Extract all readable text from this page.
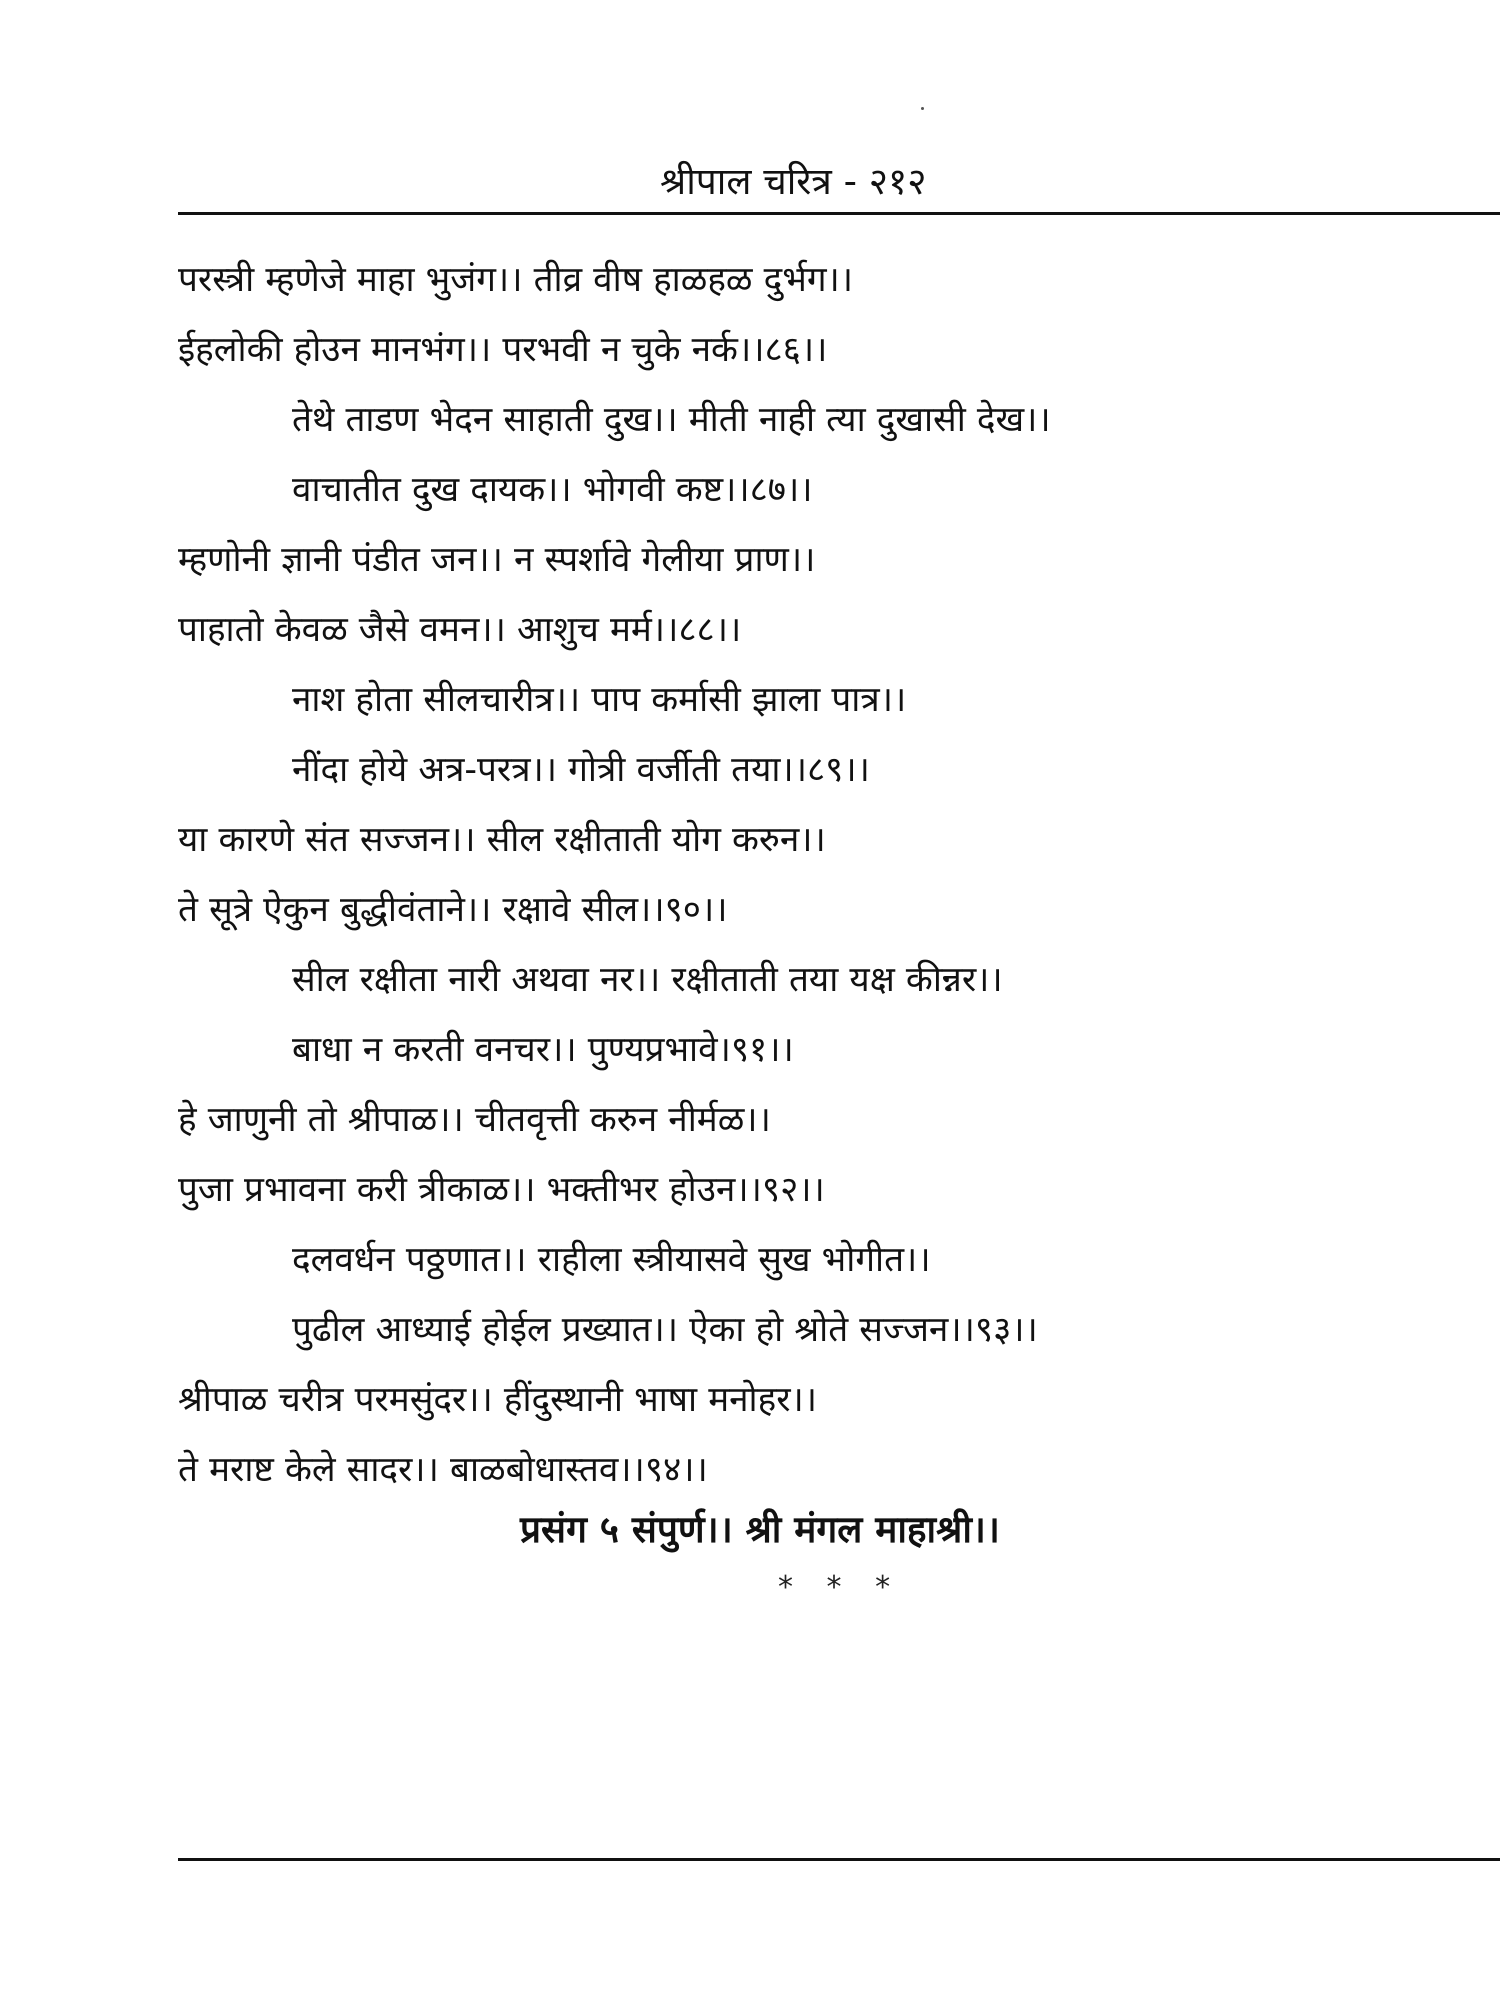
श्रीपाल चरित्र - २१२
परस्त्री म्हणेजे माहा भुजंग।। तीव्र वीष हाळहळ दुर्भग।।
ईहलोकी होउन मानभंग।। परभवी न चुके नर्क।।८६।।
तेथे ताडण भेदन साहाती दुख।। मीती नाही त्या दुखासी देख।।
वाचातीत दुख दायक।। भोगवी कष्ट।।८७।।
म्हणोनी ज्ञानी पंडीत जन।। न स्पर्शावे गेलीया प्राण।।
पाहातो केवळ जैसे वमन।। आशुच मर्म।।८८।।
नाश होता सीलचारीत्र।। पाप कर्मासी झाला पात्र।।
नींदा होये अत्र-परत्र।। गोत्री वर्जीती तया।।८९।।
या कारणे संत सज्जन।। सील रक्षीताती योग करुन।।
ते सूत्रे ऐकुन बुद्धीवंताने।। रक्षावे सील।।९०।।
सील रक्षीता नारी अथवा नर।। रक्षीताती तया यक्ष कीन्नर।।
बाधा न करती वनचर।। पुण्यप्रभावे।९१।।
हे जाणुनी तो श्रीपाळ।। चीतवृत्ती करुन नीर्मळ।।
पुजा प्रभावना करी त्रीकाळ।। भक्तीभर होउन।।९२।।
दलवर्धन पठ्ठणात।। राहीला स्त्रीयासवे सुख भोगीत।।
पुढील आध्याई होईल प्रख्यात।। ऐका हो श्रोते सज्जन।।९३।।
श्रीपाळ चरीत्र परमसुंदर।। हींदुस्थानी भाषा मनोहर।।
ते मराष्ट केले सादर।। बाळबोधास्तव।।९४।।
प्रसंग ५ संपुर्ण।। श्री मंगल माहाश्री।।
* * *
